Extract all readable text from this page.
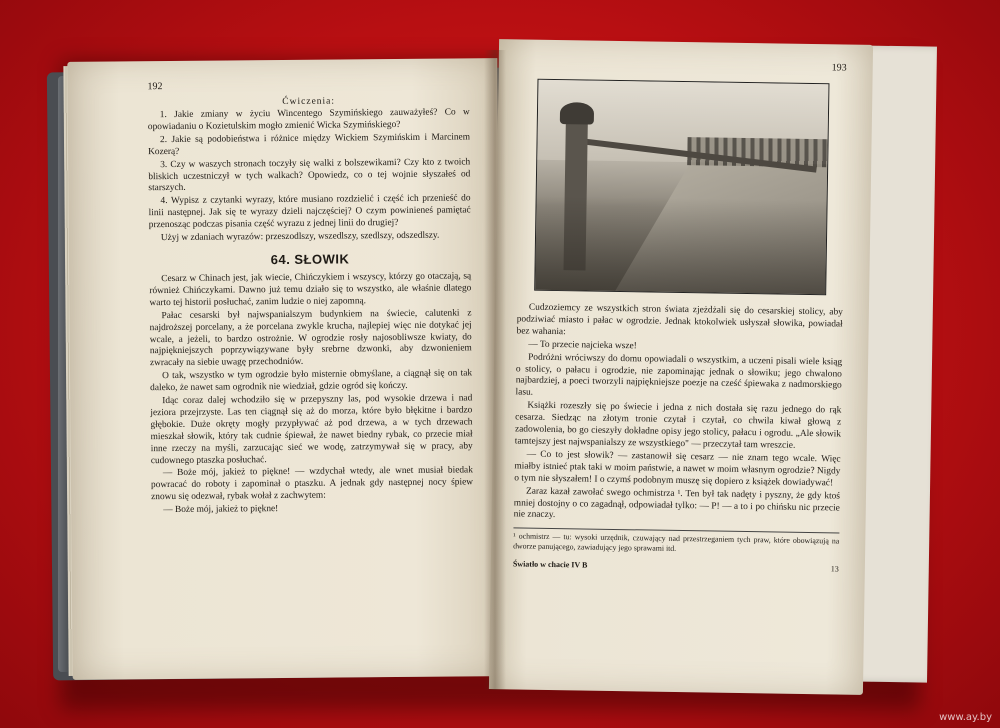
192
Ćwiczenia:

1. Jakie zmiany w życiu Wincentego Szymińskiego zauważyłeś? Co w opowiadaniu o Kozietulskim mogło zmienić Wicka Szymińskiego?

2. Jakie są podobieństwa i różnice między Wickiem Szymińskim i Marcinem Kozerą?

3. Czy w waszych stronach toczyły się walki z bolszewikami? Czy kto z twoich bliskich uczestniczył w tych walkach? Opowiedz, co o tej wojnie słyszałeś od starszych.

4. Wypisz z czytanki wyrazy, które musiano rozdzielić i część ich przenieść do linii następnej. Jak się te wyrazy dzieli najczęściej? O czym powinieneś pamiętać przenosząc podczas pisania część wyrazu z jednej linii do drugiej?

Użyj w zdaniach wyrazów: przeszodlszy, wszedlszy, szedlszy, odszedlszy.

64. SŁOWIK

Cesarz w Chinach jest, jak wiecie, Chińczykiem i wszyscy, którzy go otaczają, są również Chińczykami. Dawno już temu działo się to wszystko, ale właśnie dlatego warto tej historii posłuchać, zanim ludzie o niej zapomną.

Pałac cesarski był najwspanialszym budynkiem na świecie, calutenki z najdroższej porcelany, a że porcelana zwykle krucha, najlepiej więc nie dotykać jej wcale, a jeżeli, to bardzo ostrożnie. W ogrodzie rosły najosobliwsze kwiaty, do najpiękniejszych poprzywiązywane były srebrne dzwonki, aby dzwonieniem zwracały na siebie uwagę przechodniów.

O tak, wszystko w tym ogrodzie było misternie obmyślane, a ciągnął się on tak daleko, że nawet sam ogrodnik nie wiedział, gdzie ogród się kończy.

Idąc coraz dalej wchodziło się w przepyszny las, pod wysokie drzewa i nad jeziora przejrzyste. Las ten ciągnął się aż do morza, które było błękitne i bardzo głębokie. Duże okręty mogły przypływać aż pod drzewa, a w tych drzewach mieszkał słowik, który tak cudnie śpiewał, że nawet biedny rybak, co przecie miał inne rzeczy na myśli, zarzucając sieć we wodę, zatrzymywał się w pracy, aby cudownego ptaszka posłuchać.

— Boże mój, jakież to piękne! — wzdychał wtedy, ale wnet musiał biedak powracać do roboty i zapominał o ptaszku. A jednak gdy następnej nocy śpiew znowu się odezwał, rybak wołał z zachwytem:

— Boże mój, jakież to piękne!

193

Cudzoziemcy ze wszystkich stron świata zjeżdżali się do cesarskiej stolicy, aby podziwiać miasto i pałac w ogrodzie. Jednak ktokolwiek usłyszał słowika, powiadał bez wahania:

— To przecie najcieka wsze!

Podróżni wróciwszy do domu opowiadali o wszystkim, a uczeni pisali wiele ksiąg o stolicy, o pałacu i ogrodzie, nie zapominając jednak o słowiku; jego chwalono najbardziej, a poeci tworzyli najpiękniejsze poezje na cześć śpiewaka z nadmorskiego lasu.

Książki rozeszły się po świecie i jedna z nich dostała się razu jednego do rąk cesarza. Siedząc na złotym tronie czytał i czytał, co chwila kiwał głową z zadowolenia, bo go cieszyły dokładne opisy jego stolicy, pałacu i ogrodu. „Ale słowik tamtejszy jest najwspanialszy ze wszystkiego" — przeczytał tam wreszcie.

— Co to jest słowik? — zastanowił się cesarz — nie znam tego wcale. Więc miałby istnieć ptak taki w moim państwie, a nawet w moim własnym ogrodzie? Nigdy o tym nie słyszałem! I o czymś podobnym muszę się dopiero z książek dowiadywać!

Zaraz kazał zawołać swego ochmistrza ¹. Ten był tak nadęty i pyszny, że gdy ktoś mniej dostojny o co zagadnął, odpowiadał tylko: — P! — a to i po chińsku nic przecie nie znaczy.

¹ ochmistrz — tu: wysoki urzędnik, czuwający nad przestrzeganiem tych praw, które obowiązują na dworze panującego, zawiadujący jego sprawami itd.
Światło w chacie IV B	13
www.ay.by
